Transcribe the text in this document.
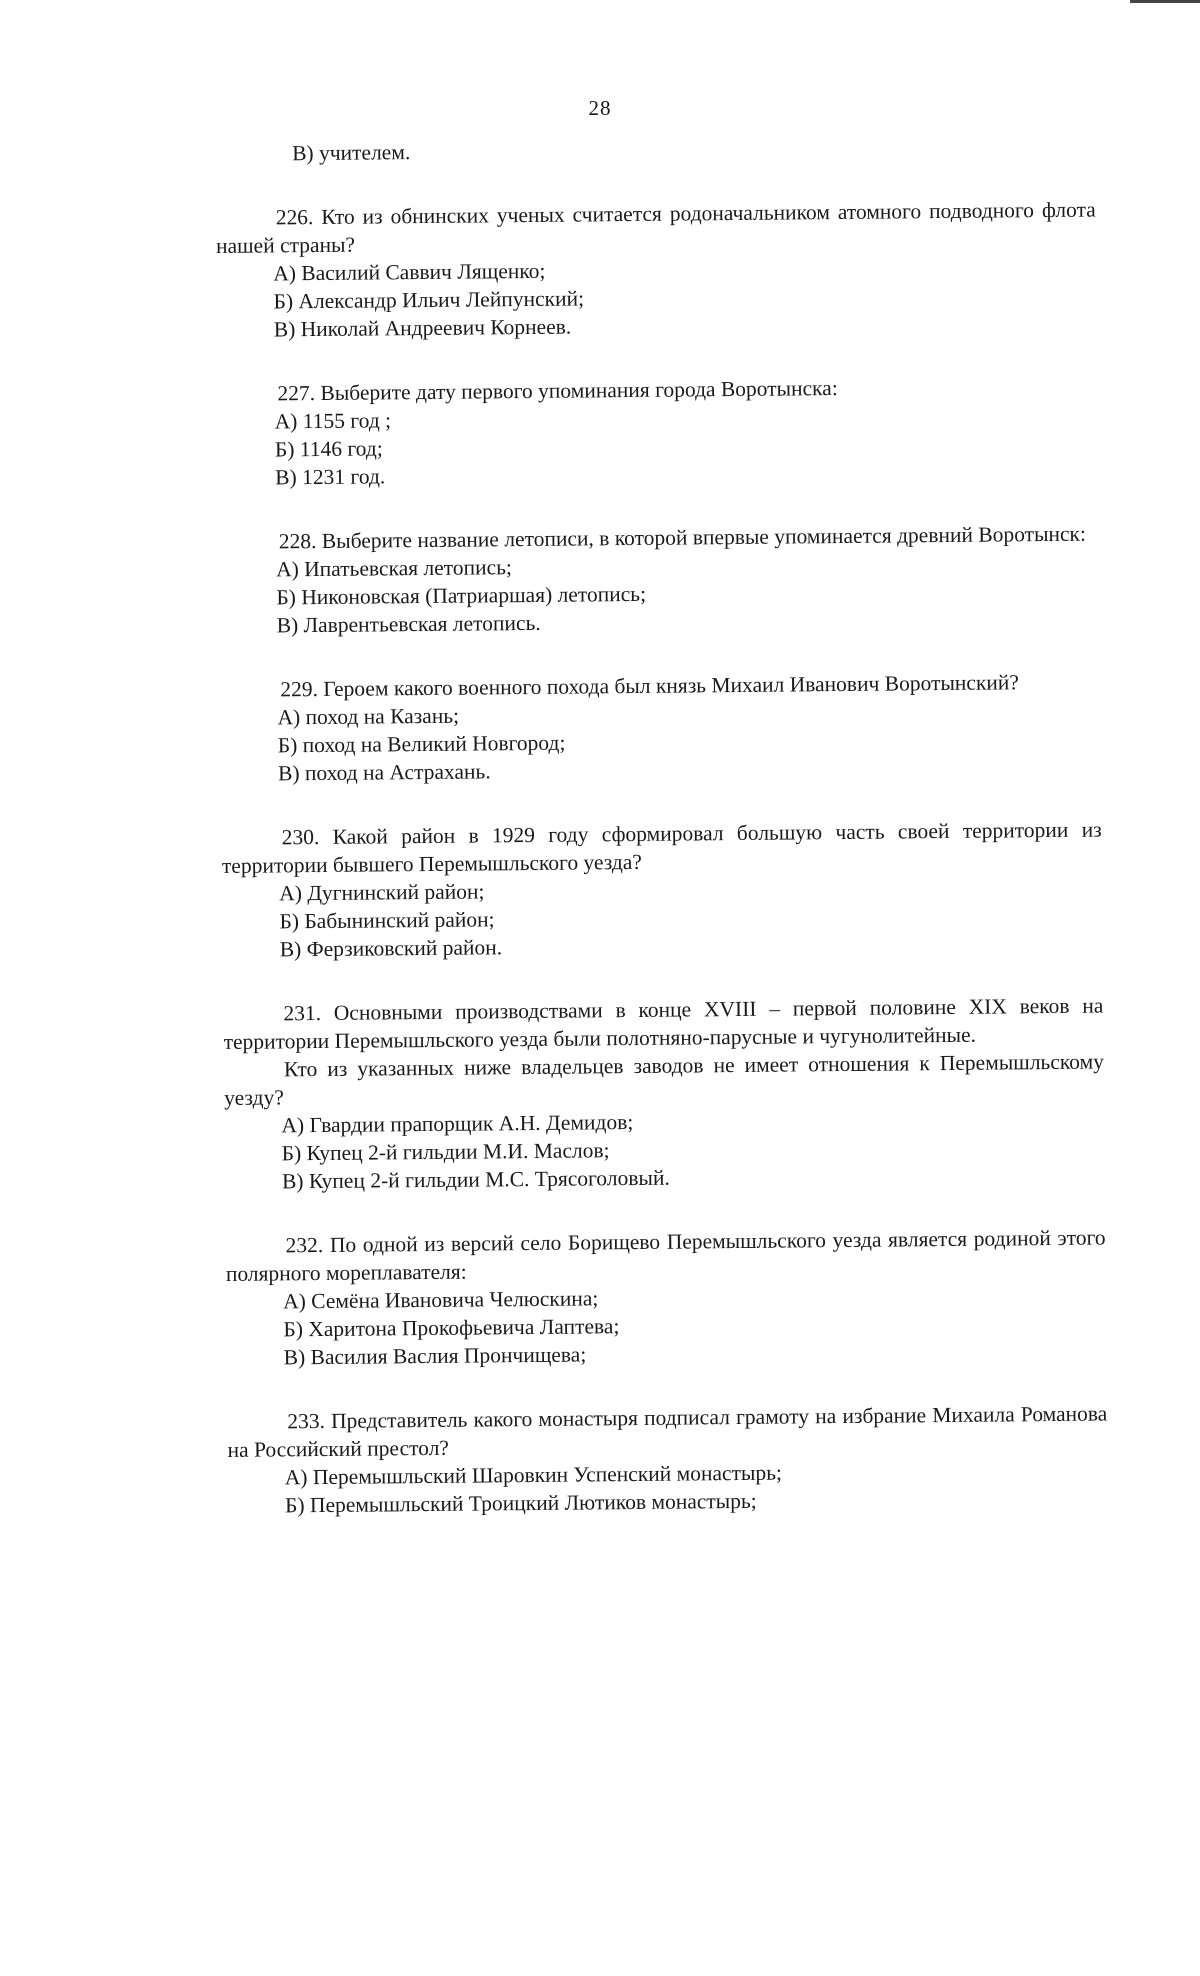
28
В) учителем.

226. Кто из обнинских ученых считается родоначальником атомного подводного флота нашей страны?

А) Василий Саввич Лященко;
Б) Александр Ильич Лейпунский;
В) Николай Андреевич Корнеев.

227. Выберите дату первого упоминания города Воротынска:

А) 1155 год ;
Б) 1146 год;
В) 1231 год.

228. Выберите название летописи, в которой впервые упоминается древний Воротынск:

А) Ипатьевская летопись;
Б) Никоновская (Патриаршая) летопись;
В) Лаврентьевская летопись.

229. Героем какого военного похода был князь Михаил Иванович Воротынский?

А) поход на Казань;
Б) поход на Великий Новгород;
В) поход на Астрахань.

230. Какой район в 1929 году сформировал большую часть своей территории из территории бывшего Перемышльского уезда?

А) Дугнинский район;
Б) Бабынинский район;
В) Ферзиковский район.

231. Основными производствами в конце XVIII – первой половине XIX веков на территории Перемышльского уезда были полотняно-парусные и чугунолитейные.

Кто из указанных ниже владельцев заводов не имеет отношения к Перемышльскому уезду?

А) Гвардии прапорщик А.Н. Демидов;
Б) Купец 2-й гильдии М.И. Маслов;
В) Купец 2-й гильдии М.С. Трясоголовый.

232. По одной из версий село Борищево Перемышльского уезда является родиной этого полярного мореплавателя:

А) Семёна Ивановича Челюскина;
Б) Харитона Прокофьевича Лаптева;
В) Василия Васлия Прончищева;

233. Представитель какого монастыря подписал грамоту на избрание Михаила Романова на Российский престол?

А) Перемышльский Шаровкин Успенский монастырь;
Б) Перемышльский Троицкий Лютиков монастырь;
